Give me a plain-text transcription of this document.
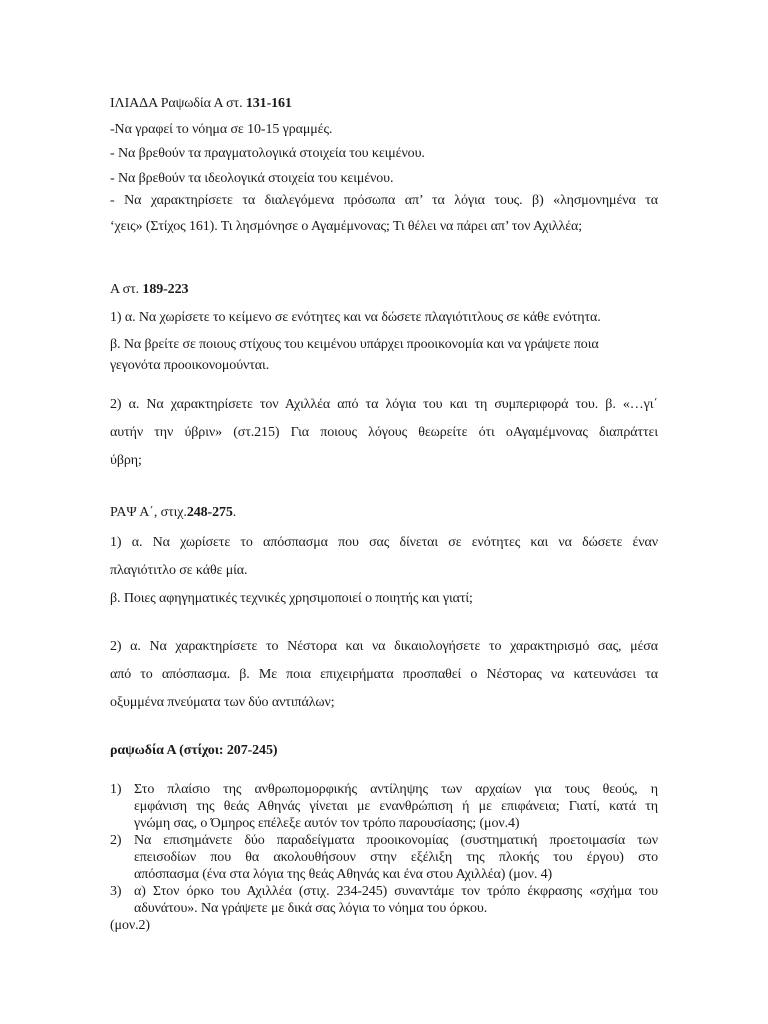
ΙΛΙΑΔΑ Ραψωδία Α στ. 131-161

-Να γραφεί το νόημα σε 10-15 γραμμές.

- Να βρεθούν τα πραγματολογικά στοιχεία του κειμένου.

- Να βρεθούν τα ιδεολογικά στοιχεία του κειμένου.

- Να χαρακτηρίσετε τα διαλεγόμενα πρόσωπα απ’ τα λόγια τους. β) «λησμονημένα τα

‘χεις» (Στίχος 161). Τι λησμόνησε ο Αγαμέμνονας; Τι θέλει να πάρει απ’ τον Αχιλλέα;

Α στ. 189-223

1) α. Να χωρίσετε το κείμενο σε ενότητες και να δώσετε πλαγιότιτλους σε κάθε ενότητα.

β. Να βρείτε σε ποιους στίχους του κειμένου υπάρχει προοικονομία και να γράψετε ποια

γεγονότα προοικονομούνται.

2) α. Να χαρακτηρίσετε τον Αχιλλέα από τα λόγια του και τη συμπεριφορά του. β. «…γι΄

αυτήν την ύβριν» (στ.215) Για ποιους λόγους θεωρείτε ότι οΑγαμέμνονας διαπράττει

ύβρη;

ΡΑΨ Α΄, στιχ.248-275.

1) α. Να χωρίσετε το απόσπασμα που σας δίνεται σε ενότητες και να δώσετε έναν

πλαγιότιτλο σε κάθε μία.

β. Ποιες αφηγηματικές τεχνικές χρησιμοποιεί ο ποιητής και γιατί;

2) α. Να χαρακτηρίσετε το Νέστορα και να δικαιολογήσετε το χαρακτηρισμό σας, μέσα

από το απόσπασμα. β. Με ποια επιχειρήματα προσπαθεί ο Νέστορας να κατευνάσει τα

οξυμμένα πνεύματα των δύο αντιπάλων;

ραψωδία Α (στίχοι: 207-245)

1) Στο πλαίσιο της ανθρωπομορφικής αντίληψης των αρχαίων για τους θεούς, η

εμφάνιση της θεάς Αθηνάς γίνεται με ενανθρώπιση ή με επιφάνεια; Γιατί, κατά τη

γνώμη σας, ο Όμηρος επέλεξε αυτόν τον τρόπο παρουσίασης; (μον.4)

2) Να επισημάνετε δύο παραδείγματα προοικονομίας (συστηματική προετοιμασία των

επεισοδίων που θα ακολουθήσουν στην εξέλιξη της πλοκής του έργου) στο

απόσπασμα (ένα στα λόγια της θεάς Αθηνάς και ένα στου Αχιλλέα) (μον. 4)

3) α) Στον όρκο του Αχιλλέα (στιχ. 234-245) συναντάμε τον τρόπο έκφρασης «σχήμα του

αδυνάτου». Να γράψετε με δικά σας λόγια το νόημα του όρκου.

(μον.2)
